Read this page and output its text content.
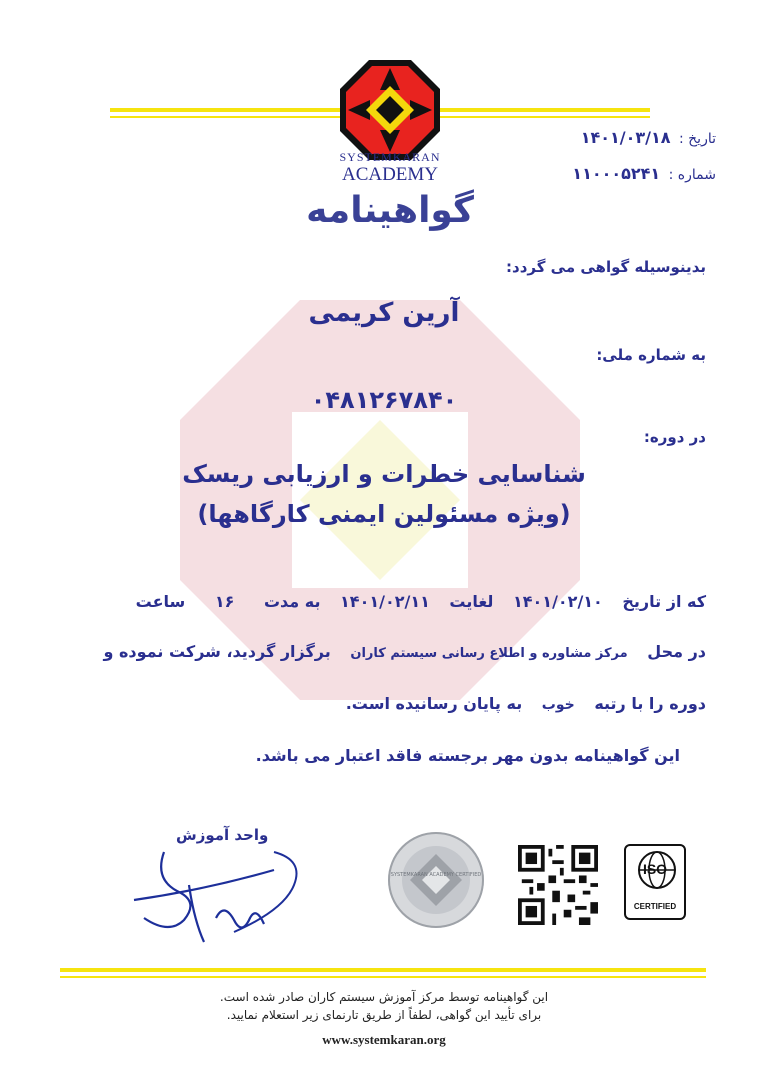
SYSTEMKARAN
ACADEMY
تاریخ : ۱۴۰۱/۰۳/۱۸
شماره : ۱۱۰۰۰۵۲۴۱
گواهینامه
بدینوسیله گواهی می گردد:
آرین کریمی
به شماره ملی:
۰۴۸۱۲۶۷۸۴۰
در دوره:
شناسایی خطرات و ارزیابی ریسک
(ویژه مسئولین ایمنی کارگاهها)
که از تاریخ ۱۴۰۱/۰۲/۱۰ لغایت ۱۴۰۱/۰۲/۱۱ به مدت ۱۶ ساعت
در محل مرکز مشاوره و اطلاع رسانی سیستم کاران برگزار گردید، شرکت نموده و
دوره را با رتبه خوب به پایان رسانیده است.
این گواهینامه بدون مهر برجسته فاقد اعتبار می باشد.
واحد آموزش
SYSTEMKARAN ACADEMY CERTIFIED	ISO
CERTIFIED
این گواهینامه توسط مرکز آموزش سیستم کاران صادر شده است.
برای تأیید این گواهی، لطفاً از طریق تارنمای زیر استعلام نمایید.
www.systemkaran.org
